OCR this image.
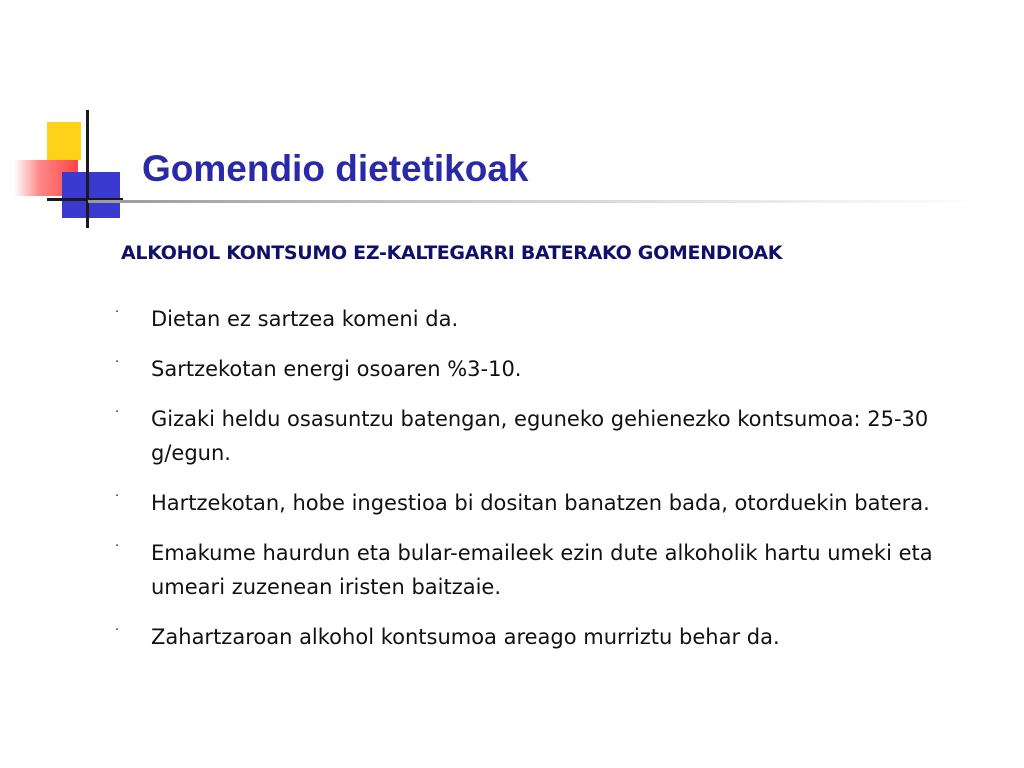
Gomendio dietetikoak
ALKOHOL KONTSUMO EZ-KALTEGARRI BATERAKO GOMENDIOAK
· Dietan ez sartzea komeni da.
· Sartzekotan energi osoaren %3-10.
· Gizaki heldu osasuntzu batengan, eguneko gehienezko kontsumoa: 25-30 g/egun.
· Hartzekotan, hobe ingestioa bi dositan banatzen bada, otorduekin batera.
· Emakume haurdun eta bular-emaileek ezin dute alkoholik hartu umeki eta umeari zuzenean iristen baitzaie.
· Zahartzaroan alkohol kontsumoa areago murriztu behar da.
